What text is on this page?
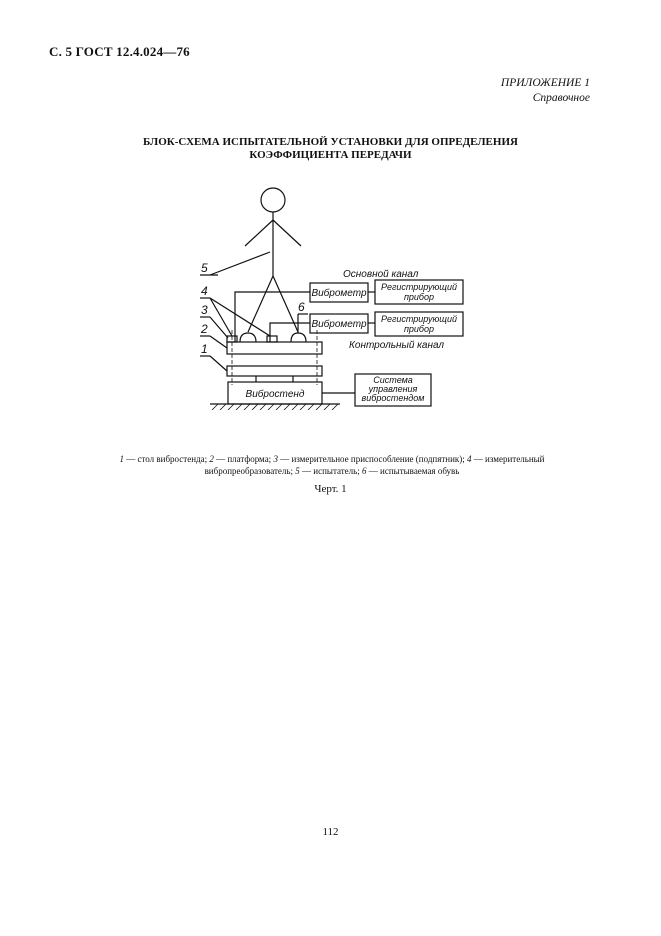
С. 5 ГОСТ 12.4.024—76
ПРИЛОЖЕНИЕ 1
Справочное
БЛОК-СХЕМА ИСПЫТАТЕЛЬНОЙ УСТАНОВКИ ДЛЯ ОПРЕДЕЛЕНИЯ
КОЭФФИЦИЕНТА ПЕРЕДАЧИ
Основной канал
Контрольный канал
Виброметр
Виброметр
Вибростенд
Регистрирующий
прибор
Регистрирующий
прибор
Система
управления
вибростендом
5
4
3
2
1
6
1 — стол вибростенда; 2 — платформа; 3 — измерительное приспособление (подпятник); 4 — измерительный
вибропреобразователь; 5 — испытатель; 6 — испытываемая обувь
Черт. 1
112
